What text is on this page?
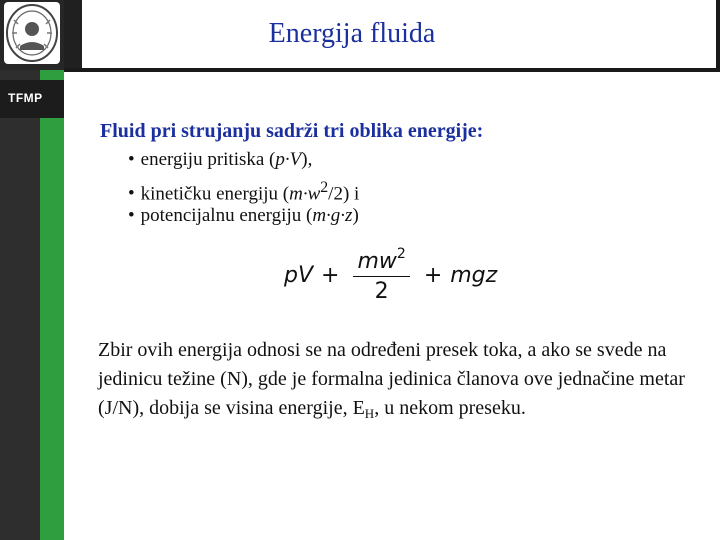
TFMP
Energija fluida
Fluid pri strujanju sadrži tri oblika energije:
• energiju pritiska (p·V),
• kinetičku energiju $(m\cdot w^2/2)$ i
• potencijalnu energiju (m·g·z)
pV + $\frac{mw^2}{2}$ + mgz
Zbir ovih energija odnosi se na određeni presek toka, a ako se svede na jedinicu težine (N), gde je formalna jedinica članova ove jednačine metar (J/N), dobija se visina energije, $E_H$, u nekom preseku.
